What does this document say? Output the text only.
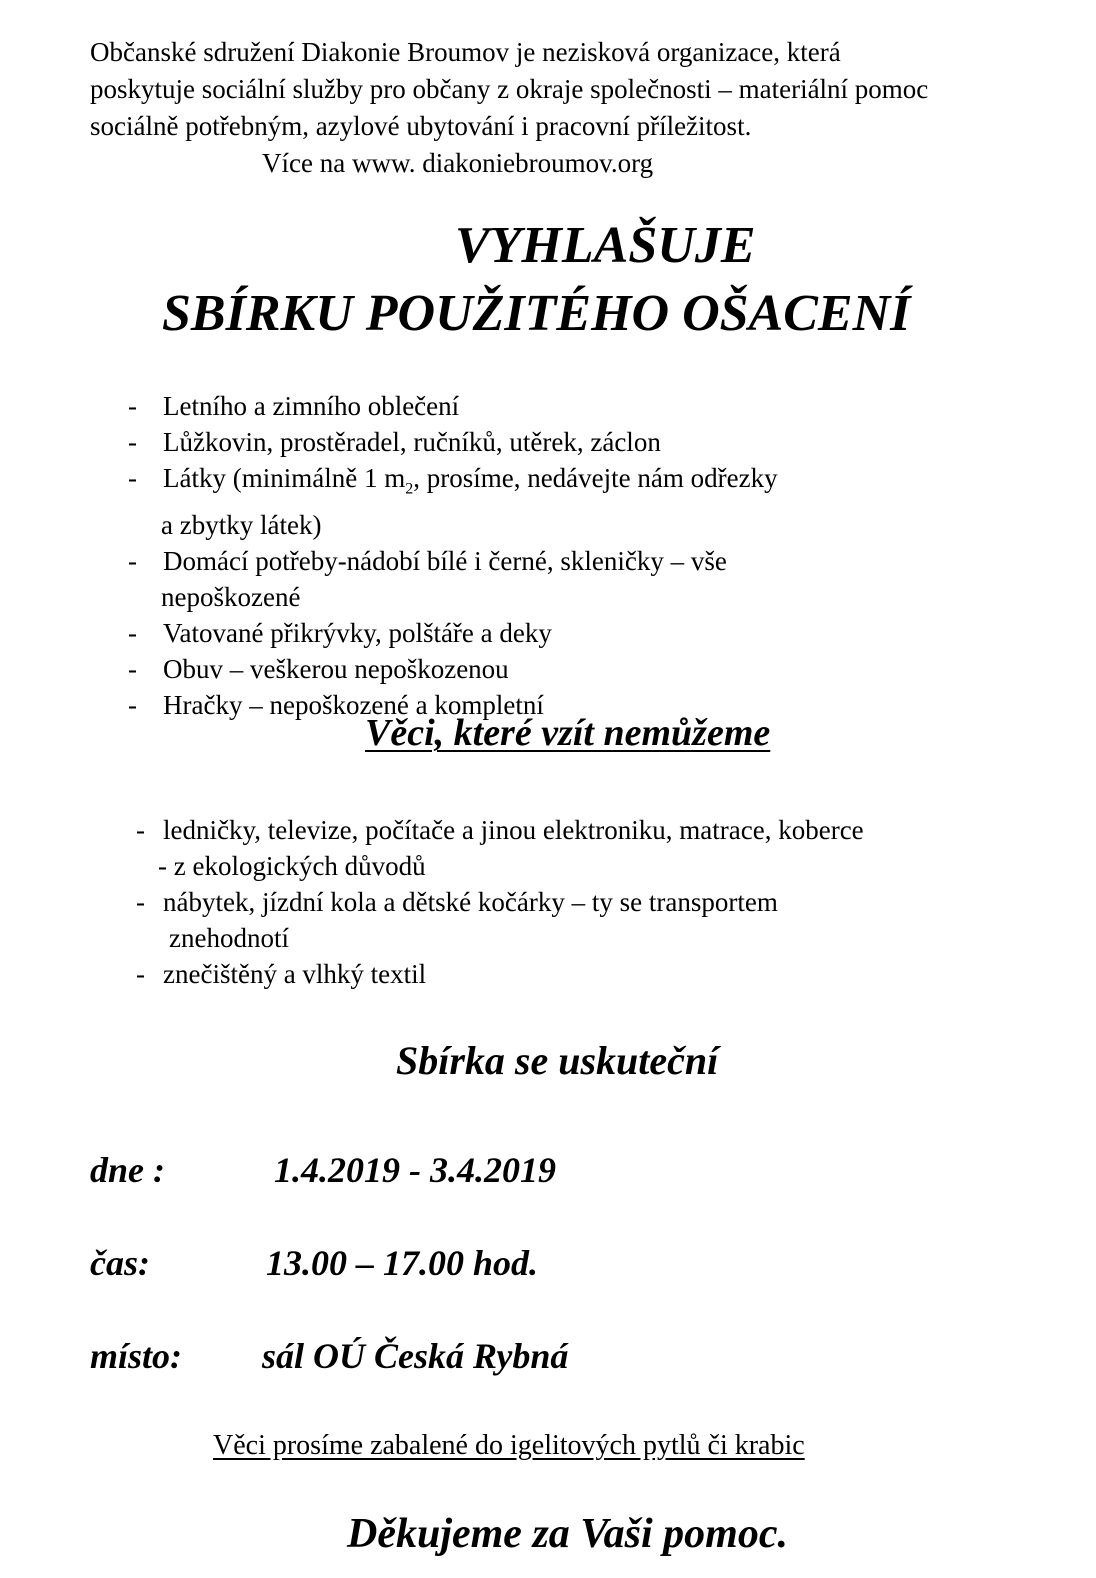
Občanské sdružení Diakonie Broumov je nezisková organizace, která
poskytuje sociální služby pro občany z okraje společnosti – materiální pomoc
sociálně potřebným, azylové ubytování i pracovní příležitost.
Více na www. diakoniebroumov.org
VYHLAŠUJE
SBÍRKU POUŽITÉHO OŠACENÍ
- Letního a zimního oblečení
- Lůžkovin, prostěradel, ručníků, utěrek, záclon
- Látky (minimálně 1 $m_2$, prosíme, nedávejte nám odřezky
a zbytky látek)
- Domácí potřeby-nádobí bílé i černé, skleničky – vše
nepoškozené
- Vatované přikrývky, polštáře a deky
- Obuv – veškerou nepoškozenou
- Hračky – nepoškozené a kompletní
Věci, které vzít nemůžeme
- ledničky, televize, počítače a jinou elektroniku, matrace, koberce
- z ekologických důvodů
- nábytek, jízdní kola a dětské kočárky – ty se transportem
znehodnotí
- znečištěný a vlhký textil
Sbírka se uskuteční
dne :	1.4.2019 - 3.4.2019
čas:	13.00 – 17.00 hod.
místo: sál OÚ Česká Rybná
Věci prosíme zabalené do igelitových pytlů či krabic
Děkujeme za Vaši pomoc.
